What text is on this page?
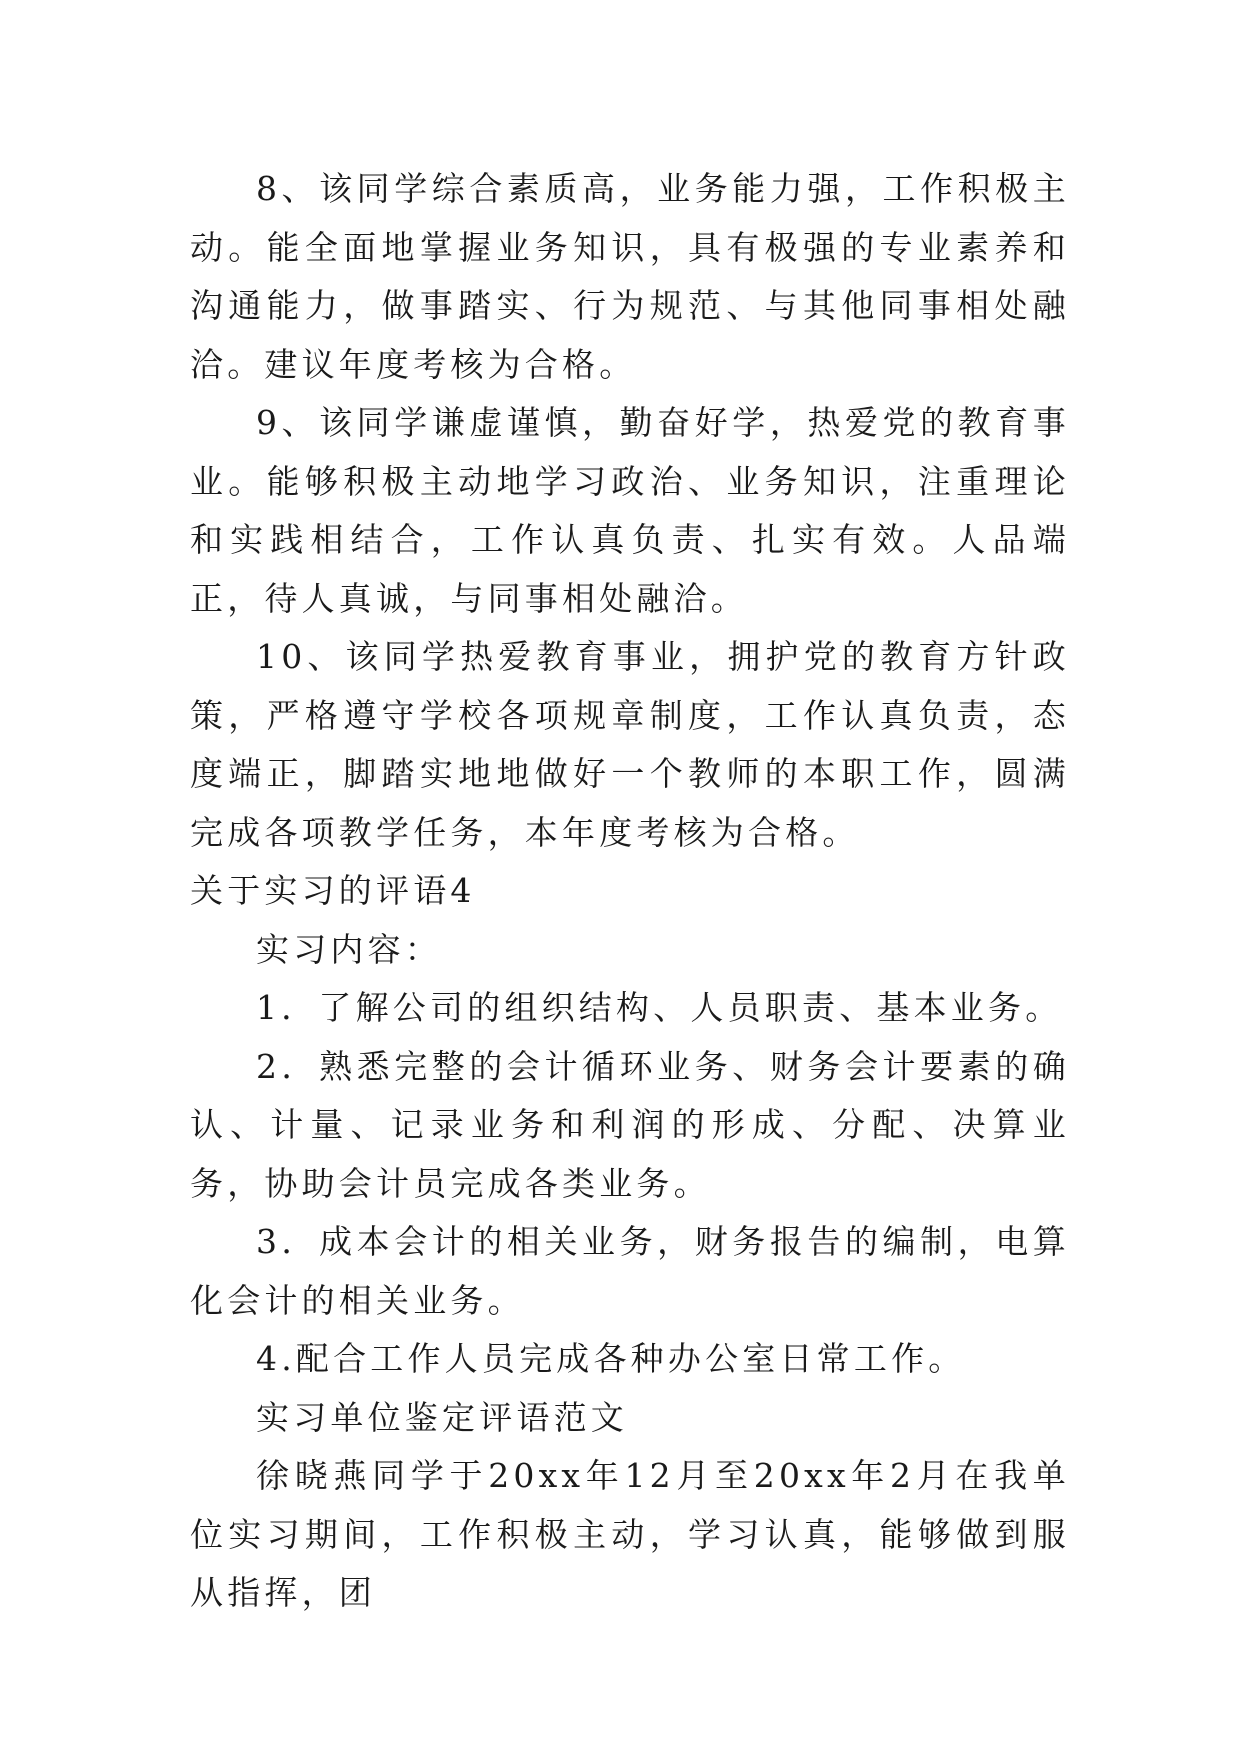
8、该同学综合素质高，业务能力强，工作积极主动。能全面地掌握业务知识，具有极强的专业素养和沟通能力，做事踏实、行为规范、与其他同事相处融洽。建议年度考核为合格。

9、该同学谦虚谨慎，勤奋好学，热爱党的教育事业。能够积极主动地学习政治、业务知识，注重理论和实践相结合，工作认真负责、扎实有效。人品端正，待人真诚，与同事相处融洽。

10、该同学热爱教育事业，拥护党的教育方针政策，严格遵守学校各项规章制度，工作认真负责，态度端正，脚踏实地地做好一个教师的本职工作，圆满完成各项教学任务，本年度考核为合格。

关于实习的评语4

实习内容：

1．了解公司的组织结构、人员职责、基本业务。

2．熟悉完整的会计循环业务、财务会计要素的确认、计量、记录业务和利润的形成、分配、决算业务，协助会计员完成各类业务。

3．成本会计的相关业务，财务报告的编制，电算化会计的相关业务。

4.配合工作人员完成各种办公室日常工作。

实习单位鉴定评语范文

徐晓燕同学于20xx年12月至20xx年2月在我单位实习期间，工作积极主动，学习认真，能够做到服从指挥，团
